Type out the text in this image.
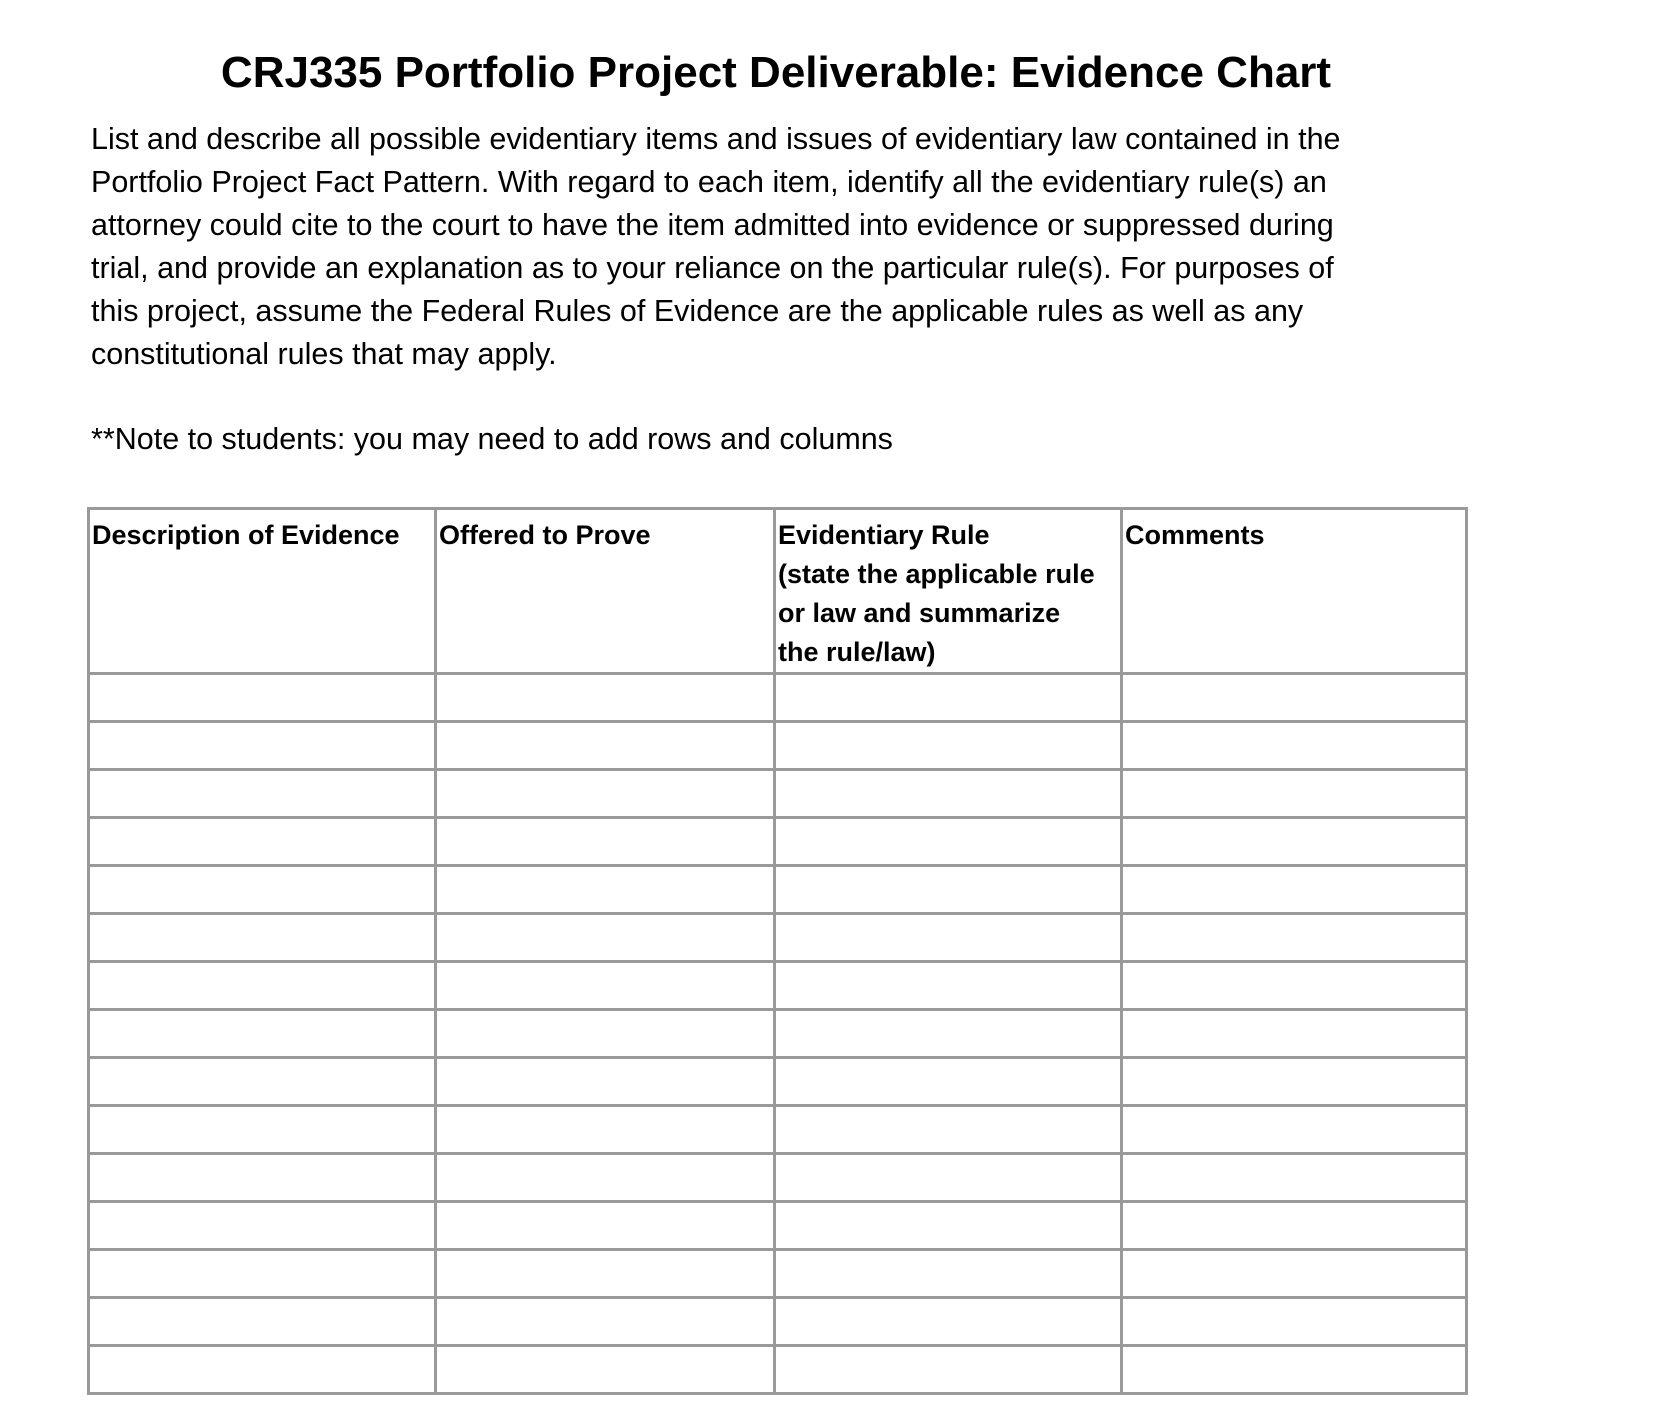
CRJ335 Portfolio Project Deliverable: Evidence Chart

List and describe all possible evidentiary items and issues of evidentiary law contained in the
Portfolio Project Fact Pattern. With regard to each item, identify all the evidentiary rule(s) an
attorney could cite to the court to have the item admitted into evidence or suppressed during
trial, and provide an explanation as to your reliance on the particular rule(s). For purposes of
this project, assume the Federal Rules of Evidence are the applicable rules as well as any
constitutional rules that may apply.

**Note to students: you may need to add rows and columns

Description of Evidence	Offered to Prove	Evidentiary Rule
(state the applicable rule
or law and summarize
the rule/law)	Comments
